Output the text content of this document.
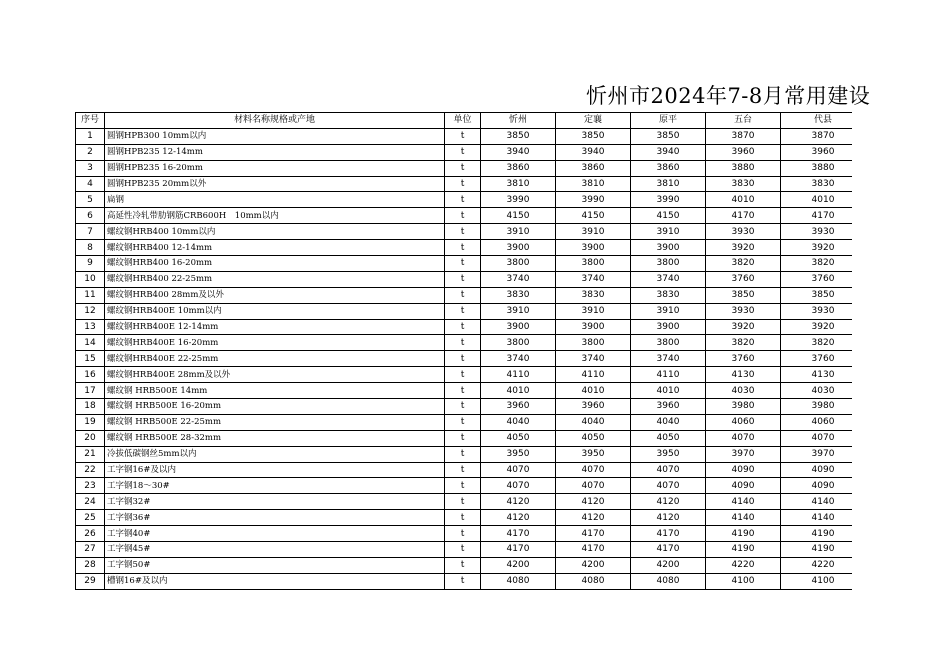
忻州市2024年7-8月常用建设
序号	材料名称规格或产地	单位	忻州	定襄	原平	五台	代县
1	圆钢HPB300 10mm以内	t	3850	3850	3850	3870	3870
2	圆钢HPB235 12-14mm	t	3940	3940	3940	3960	3960
3	圆钢HPB235 16-20mm	t	3860	3860	3860	3880	3880
4	圆钢HPB235 20mm以外	t	3810	3810	3810	3830	3830
5	扁钢	t	3990	3990	3990	4010	4010
6	高延性冷轧带肋钢筋CRB600H　10mm以内	t	4150	4150	4150	4170	4170
7	螺纹钢HRB400 10mm以内	t	3910	3910	3910	3930	3930
8	螺纹钢HRB400 12-14mm	t	3900	3900	3900	3920	3920
9	螺纹钢HRB400 16-20mm	t	3800	3800	3800	3820	3820
10	螺纹钢HRB400 22-25mm	t	3740	3740	3740	3760	3760
11	螺纹钢HRB400 28mm及以外	t	3830	3830	3830	3850	3850
12	螺纹钢HRB400E 10mm以内	t	3910	3910	3910	3930	3930
13	螺纹钢HRB400E 12-14mm	t	3900	3900	3900	3920	3920
14	螺纹钢HRB400E 16-20mm	t	3800	3800	3800	3820	3820
15	螺纹钢HRB400E 22-25mm	t	3740	3740	3740	3760	3760
16	螺纹钢HRB400E 28mm及以外	t	4110	4110	4110	4130	4130
17	螺纹钢 HRB500E 14mm	t	4010	4010	4010	4030	4030
18	螺纹钢 HRB500E 16-20mm	t	3960	3960	3960	3980	3980
19	螺纹钢 HRB500E 22-25mm	t	4040	4040	4040	4060	4060
20	螺纹钢 HRB500E 28-32mm	t	4050	4050	4050	4070	4070
21	冷拔低碳钢丝5mm以内	t	3950	3950	3950	3970	3970
22	工字钢16#及以内	t	4070	4070	4070	4090	4090
23	工字钢18～30#	t	4070	4070	4070	4090	4090
24	工字钢32#	t	4120	4120	4120	4140	4140
25	工字钢36#	t	4120	4120	4120	4140	4140
26	工字钢40#	t	4170	4170	4170	4190	4190
27	工字钢45#	t	4170	4170	4170	4190	4190
28	工字钢50#	t	4200	4200	4200	4220	4220
29	槽钢16#及以内	t	4080	4080	4080	4100	4100
